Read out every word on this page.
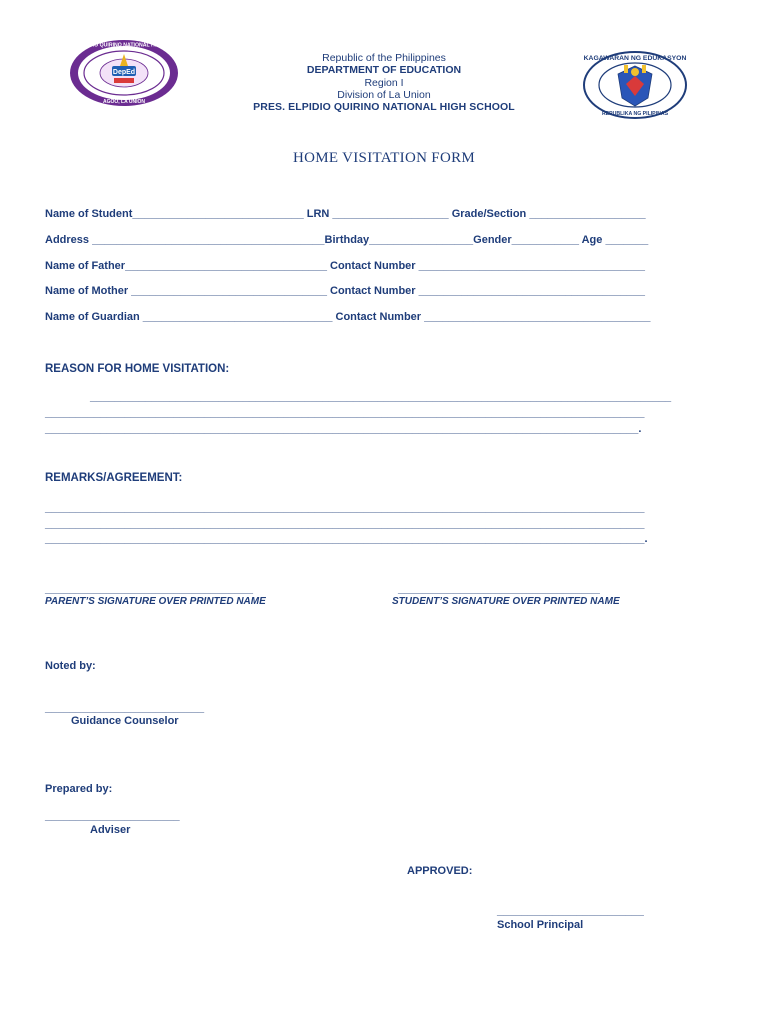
DepEd
PRES. ELPIDIO QUIRINO NATIONAL HIGH SCHOOL
AGOO, LA UNION
KAGAWARAN NG EDUKASYON
REPUBLIKA NG PILIPINAS
Republic of the Philippines
DEPARTMENT OF EDUCATION
Region I
Division of La Union
PRES. ELPIDIO QUIRINO NATIONAL HIGH SCHOOL
HOME VISITATION FORM
Name of Student____________________________ LRN ___________________ Grade/Section ___________________
Address ______________________________________Birthday_________________Gender___________ Age _______
Name of Father_________________________________ Contact Number _____________________________________
Name of Mother ________________________________ Contact Number _____________________________________
Name of Guardian _______________________________ Contact Number _____________________________________
REASON FOR HOME VISITATION:
_______________________________________________________________________________________________
__________________________________________________________________________________________________
_________________________________________________________________________________________________.
REMARKS/AGREEMENT:
__________________________________________________________________________________________________
__________________________________________________________________________________________________
__________________________________________________________________________________________________.
__________________________________
PARENT’S SIGNATURE OVER PRINTED NAME
_________________________________
STUDENT’S SIGNATURE OVER PRINTED NAME
Noted by:
__________________________
Guidance Counselor
Prepared by:
______________________
Adviser
APPROVED:
________________________
School Principal
